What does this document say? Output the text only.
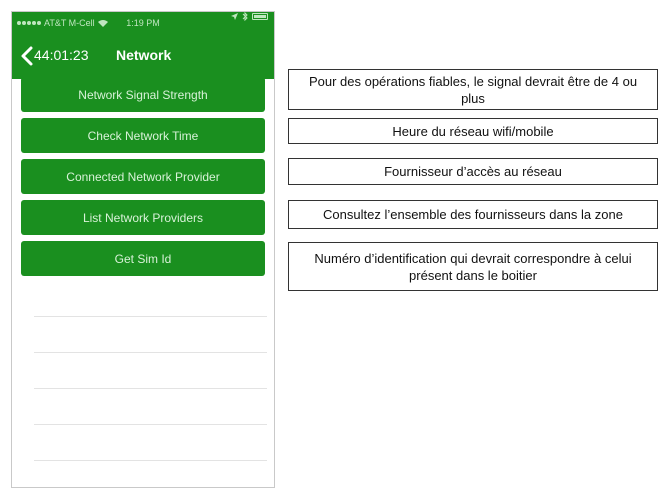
AT&T M-Cell	1:19 PM
44:01:23 Network
Network Signal Strength
Check Network Time
Connected Network Provider
List Network Providers
Get Sim Id
Pour des opérations fiables, le signal devrait être de 4 ou plus
Heure du réseau wifi/mobile
Fournisseur d’accès au réseau
Consultez l’ensemble des fournisseurs dans la zone
Numéro d’identification qui devrait correspondre à celui présent dans le boitier
